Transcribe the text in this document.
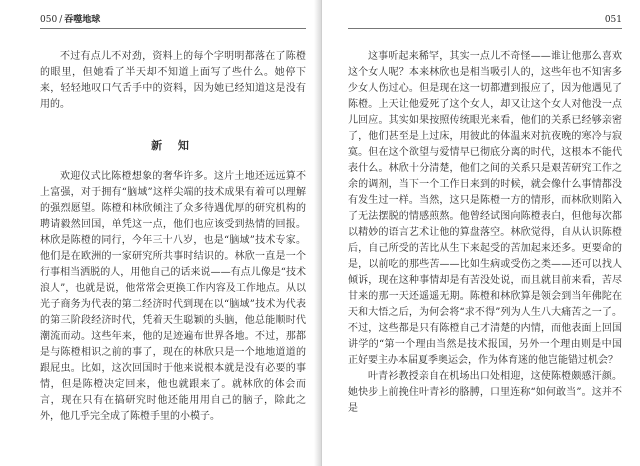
050 / 吞噬地球

不过有点儿不对劲，资料上的每个字明明都落在了陈橙的眼里，但她看了半天却不知道上面写了些什么。她停下来，轻轻地叹口气舌手中的资料，因为她已经知道这是没有用的。

新 知

欢迎仪式比陈橙想象的奢华许多。这片土地还远远算不上富强，对于拥有“脑域”这样尖端的技术成果有着可以理解的强烈愿望。陈橙和林欣倾注了众多待遇优厚的研究机构的聘请毅然回国，单凭这一点，他们也应该受到热情的回报。林欣是陈橙的同行，今年三十八岁，也是“脑域”技术专家。他们是在欧洲的一家研究所共事时结识的。林欣一直是一个行事相当洒脱的人，用他自己的话来说——有点儿像是“技术浪人”，也就是说，他常常会更换工作内容及工作地点。从以光子商务为代表的第二经济时代到现在以“脑域”技术为代表的第三阶段经济时代，凭着天生聪颖的头脑，他总能顺时代潮流而动。这些年来，他的足迹遍布世界各地。不过，那都是与陈橙相识之前的事了，现在的林欣只是一个地地道道的跟屁虫。比如，这次回国时于他来说根本就是没有必要的事情，但是陈橙决定回来，他也就跟来了。就林欣的体会而言，现在只有在搞研究时他还能用用自己的脑子，除此之外，他几乎完全成了陈橙手里的小模子。

051

这事听起来稀罕，其实一点儿不奇怪——谁让他那么喜欢这个女人呢？本来林欣也是相当吸引人的，这些年也不知害多少女人伤过心。但是现在这一切都遭到报应了，因为他遇见了陈橙。上天让他爱死了这个女人，却又让这个女人对他没一点儿回应。其实如果按照传统眼光来看，他们的关系已经够亲密了，他们甚至是上过床，用彼此的体温来对抗夜晚的寒冷与寂寞。但在这个欲望与爱情早已彻底分离的时代，这根本不能代表什么。林欣十分清楚，他们之间的关系只是艰苦研究工作之余的调剂，当下一个工作日来到的时候，就会像什么事情都没有发生过一样。当然，这只是陈橙一方的情形，而林欣则陷入了无法摆脱的情感煎熬。他曾经试图向陈橙表白，但他每次都以精妙的语言艺术让他的算盘落空。林欣觉得，自从认识陈橙后，自己所受的苦比从生下来起受的苦加起来还多。更要命的是，以前吃的那些苦——比如生病或受伤之类——还可以找人倾诉，现在这种事情却是有苦没处说，而且就目前来看，苦尽甘来的那一天还遥遥无期。陈橙和林欣算是领会到当年佛陀在天和大悟之后，为何会将“求不得”列为人生八大痛苦之一了。不过，这些都是只有陈橙自己才清楚的内情，而他表面上回国讲学的“第一个理由当然是技术报国，另外一个理由则是中国正好要主办本届夏季奥运会，作为体育迷的他岂能错过机会？

叶青衫教授亲自在机场出口处相迎，这使陈橙颇感汗颜。她快步上前挽住叶青衫的胳膊，口里连称“如何敢当”。这并不是
